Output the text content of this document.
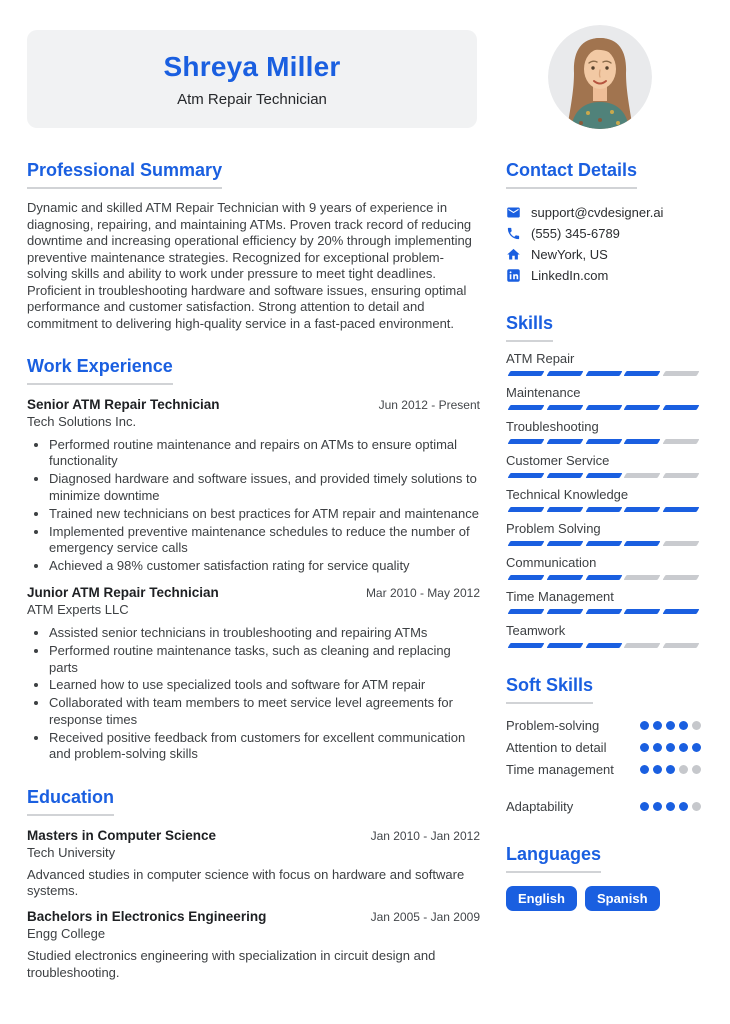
Shreya Miller
Atm Repair Technician
Professional Summary

Dynamic and skilled ATM Repair Technician with 9 years of experience in diagnosing, repairing, and maintaining ATMs. Proven track record of reducing downtime and increasing operational efficiency by 20% through implementing preventive maintenance strategies. Recognized for exceptional problem-solving skills and ability to work under pressure to meet tight deadlines. Proficient in troubleshooting hardware and software issues, ensuring optimal performance and customer satisfaction. Strong attention to detail and commitment to delivering high-quality service in a fast-paced environment.

Work Experience
Senior ATM Repair Technician	Jun 2012 - Present
Tech Solutions Inc.
• Performed routine maintenance and repairs on ATMs to ensure optimal functionality
• Diagnosed hardware and software issues, and provided timely solutions to minimize downtime
• Trained new technicians on best practices for ATM repair and maintenance
• Implemented preventive maintenance schedules to reduce the number of emergency service calls
• Achieved a 98% customer satisfaction rating for service quality
Junior ATM Repair Technician	Mar 2010 - May 2012
ATM Experts LLC
• Assisted senior technicians in troubleshooting and repairing ATMs
• Performed routine maintenance tasks, such as cleaning and replacing parts
• Learned how to use specialized tools and software for ATM repair
• Collaborated with team members to meet service level agreements for response times
• Received positive feedback from customers for excellent communication and problem-solving skills
Education
Masters in Computer Science	Jan 2010 - Jan 2012
Tech University

Advanced studies in computer science with focus on hardware and software systems.

Bachelors in Electronics Engineering	Jan 2005 - Jan 2009
Engg College

Studied electronics engineering with specialization in circuit design and troubleshooting.

Contact Details
support@cvdesigner.ai
(555) 345-6789
NewYork, US
LinkedIn.com
Skills
ATM Repair
Maintenance
Troubleshooting
Customer Service
Technical Knowledge
Problem Solving
Communication
Time Management
Teamwork
Soft Skills
Problem-solving
Attention to detail
Time management
Adaptability
Languages
English	Spanish
